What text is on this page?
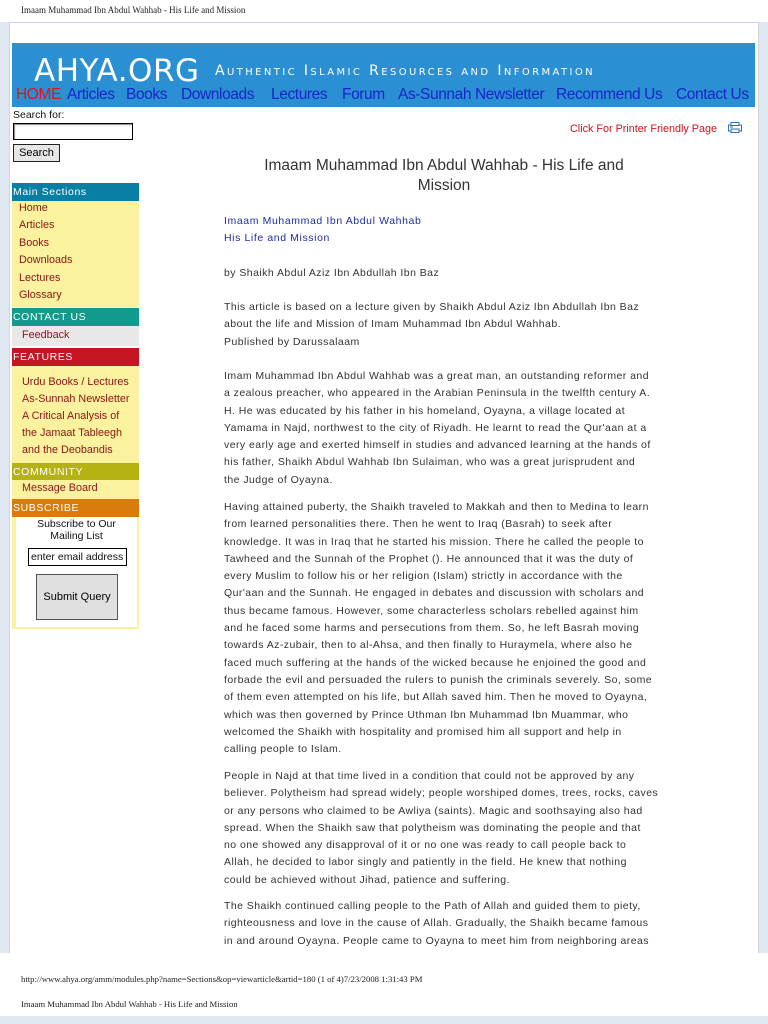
Imaam Muhammad Ibn Abdul Wahhab - His Life and Mission
AHYA.ORG Authentic Islamic Resources and Information
HOME Articles Books Downloads Lectures Forum As-Sunnah Newsletter Recommend Us Contact Us
Search for:
Search
Main Sections
Home
Articles
Books
Downloads
Lectures
Glossary
CONTACT US
Feedback
FEATURES
Urdu Books / Lectures
As-Sunnah Newsletter
A Critical Analysis of
the Jamaat Tableegh
and the Deobandis
COMMUNITY
Message Board
SUBSCRIBE
Subscribe to Our
Mailing List
enter email address
Submit Query
Click For Printer Friendly Page
Imaam Muhammad Ibn Abdul Wahhab - His Life and
Mission
Imaam Muhammad Ibn Abdul Wahhab
His Life and Mission
by Shaikh Abdul Aziz Ibn Abdullah Ibn Baz
This article is based on a lecture given by Shaikh Abdul Aziz Ibn Abdullah Ibn Baz
about the life and Mission of Imam Muhammad Ibn Abdul Wahhab.
Published by Darussalaam
Imam Muhammad Ibn Abdul Wahhab was a great man, an outstanding reformer and
a zealous preacher, who appeared in the Arabian Peninsula in the twelfth century A.
H. He was educated by his father in his homeland, Oyayna, a village located at
Yamama in Najd, northwest to the city of Riyadh. He learnt to read the Qur'aan at a
very early age and exerted himself in studies and advanced learning at the hands of
his father, Shaikh Abdul Wahhab Ibn Sulaiman, who was a great jurisprudent and
the Judge of Oyayna.
Having attained puberty, the Shaikh traveled to Makkah and then to Medina to learn
from learned personalities there. Then he went to Iraq (Basrah) to seek after
knowledge. It was in Iraq that he started his mission. There he called the people to
Tawheed and the Sunnah of the Prophet (). He announced that it was the duty of
every Muslim to follow his or her religion (Islam) strictly in accordance with the
Qur'aan and the Sunnah. He engaged in debates and discussion with scholars and
thus became famous. However, some characterless scholars rebelled against him
and he faced some harms and persecutions from them. So, he left Basrah moving
towards Az-zubair, then to al-Ahsa, and then finally to Huraymela, where also he
faced much suffering at the hands of the wicked because he enjoined the good and
forbade the evil and persuaded the rulers to punish the criminals severely. So, some
of them even attempted on his life, but Allah saved him. Then he moved to Oyayna,
which was then governed by Prince Uthman Ibn Muhammad Ibn Muammar, who
welcomed the Shaikh with hospitality and promised him all support and help in
calling people to Islam.
People in Najd at that time lived in a condition that could not be approved by any
believer. Polytheism had spread widely; people worshiped domes, trees, rocks, caves
or any persons who claimed to be Awliya (saints). Magic and soothsaying also had
spread. When the Shaikh saw that polytheism was dominating the people and that
no one showed any disapproval of it or no one was ready to call people back to
Allah, he decided to labor singly and patiently in the field. He knew that nothing
could be achieved without Jihad, patience and suffering.
The Shaikh continued calling people to the Path of Allah and guided them to piety,
righteousness and love in the cause of Allah. Gradually, the Shaikh became famous
in and around Oyayna. People came to Oyayna to meet him from neighboring areas
http://www.ahya.org/amm/modules.php?name=Sections&op=viewarticle&artid=180 (1 of 4)7/23/2008 1:31:43 PM
Imaam Muhammad Ibn Abdul Wahhab - His Life and Mission
